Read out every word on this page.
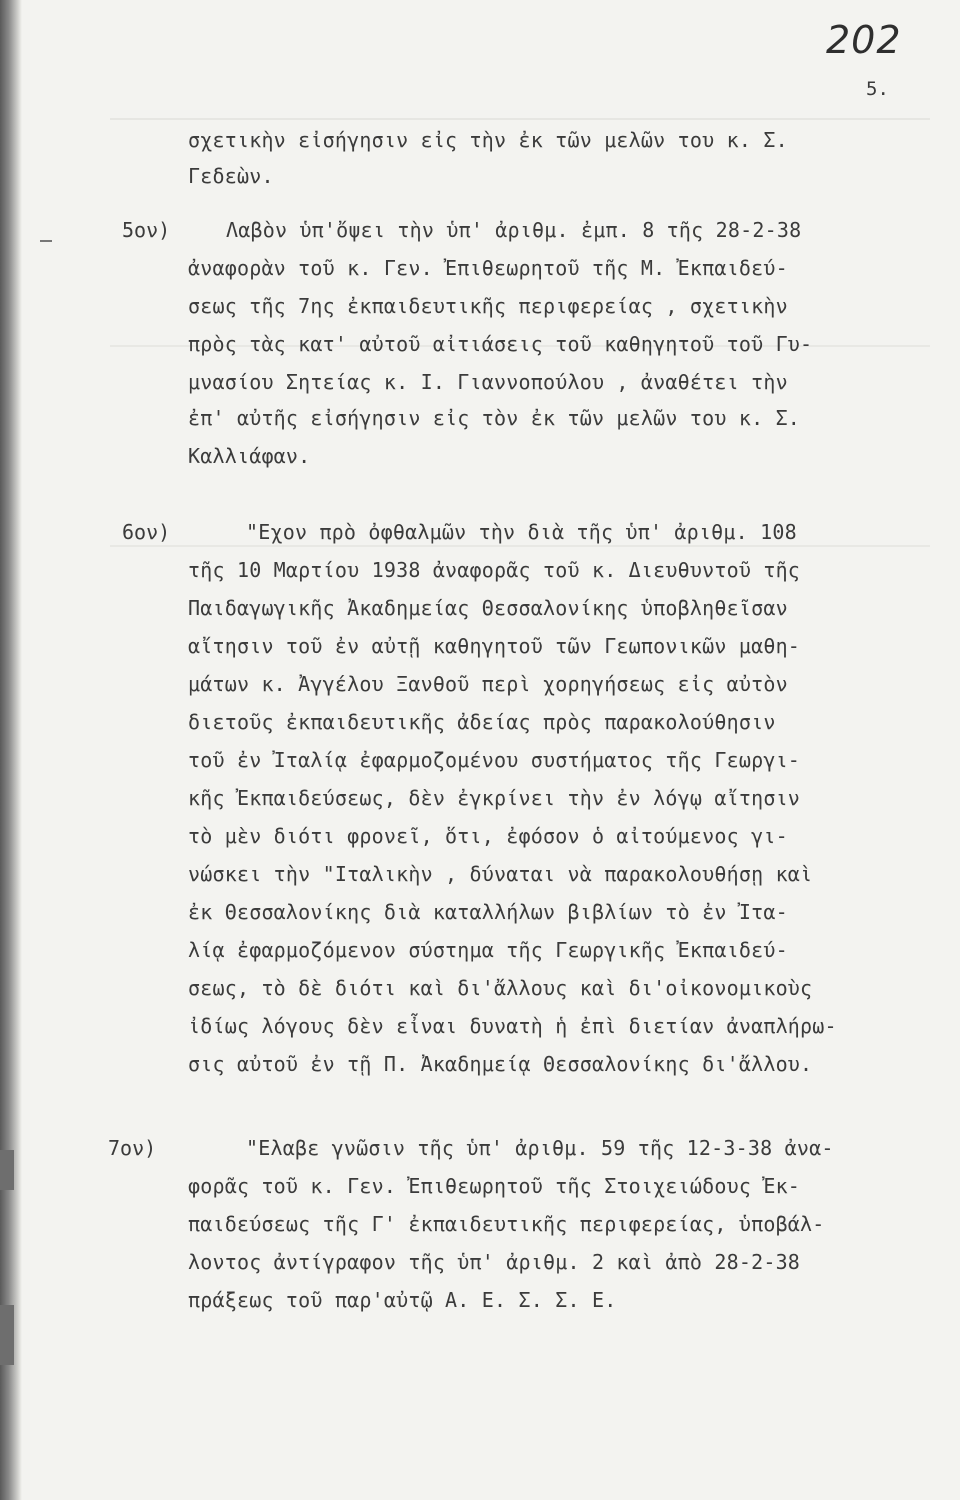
202
5.
σχετικὴν εἰσήγησιν εἰς τὴν ἐκ τῶν μελῶν του κ. Σ.
Γεδεὼν.
5ον)	Λαβὸν ὑπ'ὄψει τὴν ὑπ' ἀριθμ. ἐμπ. 8 τῆς 28-2-38
ἀναφορὰν τοῦ κ. Γεν. Ἐπιθεωρητοῦ τῆς Μ. Ἐκπαιδεύ-
σεως τῆς 7ης ἐκπαιδευτικῆς περιφερείας , σχετικὴν
πρὸς τὰς κατ' αὐτοῦ αἰτιάσεις τοῦ καθηγητοῦ τοῦ Γυ-
μνασίου Σητείας κ. Ι. Γιαννοπούλου , ἀναθέτει τὴν
ἐπ' αὐτῆς εἰσήγησιν εἰς τὸν ἐκ τῶν μελῶν του κ. Σ.
Καλλιάφαν.
6ον)	"Εχον πρὸ ὀφθαλμῶν τὴν διὰ τῆς ὑπ' ἀριθμ. 108
τῆς 10 Μαρτίου 1938 ἀναφορᾶς τοῦ κ. Διευθυντοῦ τῆς
Παιδαγωγικῆς Ἀκαδημείας Θεσσαλονίκης ὑποβληθεῖσαν
αἴτησιν τοῦ ἐν αὐτῇ καθηγητοῦ τῶν Γεωπονικῶν μαθη-
μάτων κ. Ἀγγέλου Ξανθοῦ περὶ χορηγήσεως εἰς αὐτὸν
διετοῦς ἐκπαιδευτικῆς ἀδείας πρὸς παρακολούθησιν
τοῦ ἐν Ἰταλίᾳ ἐφαρμοζομένου συστήματος τῆς Γεωργι-
κῆς Ἐκπαιδεύσεως, δὲν ἐγκρίνει τὴν ἐν λόγῳ αἴτησιν
τὸ μὲν διότι φρονεῖ, ὅτι, ἐφόσον ὁ αἰτούμενος γι-
νώσκει τὴν "Ιταλικὴν , δύναται νὰ παρακολουθήσῃ καὶ
ἐκ Θεσσαλονίκης διὰ καταλλήλων βιβλίων τὸ ἐν Ἰτα-
λίᾳ ἐφαρμοζόμενον σύστημα τῆς Γεωργικῆς Ἐκπαιδεύ-
σεως, τὸ δὲ διότι καὶ δι'ἄλλους καὶ δι'οἰκονομικοὺς
ἰδίως λόγους δὲν εἶναι δυνατὴ ἡ ἐπὶ διετίαν ἀναπλήρω-
σις αὐτοῦ ἐν τῇ Π. Ἀκαδημείᾳ Θεσσαλονίκης δι'ἄλλου.
7ον)	"Ελαβε γνῶσιν τῆς ὑπ' ἀριθμ. 59 τῆς 12-3-38 ἀνα-
φορᾶς τοῦ κ. Γεν. Ἐπιθεωρητοῦ τῆς Στοιχειώδους Ἐκ-
παιδεύσεως τῆς Γ' ἐκπαιδευτικῆς περιφερείας, ὑποβάλ-
λοντος ἀντίγραφον τῆς ὑπ' ἀριθμ. 2 καὶ ἀπὸ 28-2-38
πράξεως τοῦ παρ'αὐτῷ Α. Ε. Σ. Σ. Ε.
